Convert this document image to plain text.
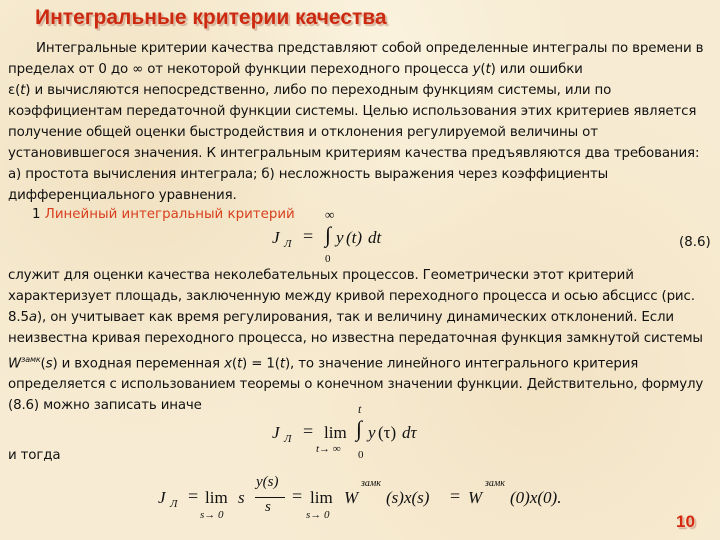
Интегральные критерии качества

Интегральные критерии качества представляют собой определенные интегралы по времени в пределах от 0 до ∞ от некоторой функции переходного процесса y(t) или ошибки
ε(t) и вычисляются непосредственно, либо по переходным функциям системы, или по коэффициентам передаточной функции системы. Целью использования этих критериев является получение общей оценки быстродействия и отклонения регулируемой величины от установившегося значения. К интегральным критериям качества предъявляются два требования: а) простота вычисления интеграла; б) несложность выражения через коэффициенты дифференциального уравнения.

1 Линейный интегральный критерий
J Л =
∞
∫
0
y (t) dt	(8.6)

служит для оценки качества неколебательных процессов. Геометрически этот критерий характеризует площадь, заключенную между кривой переходного процесса и осью абсцисс (рис. 8.5а), он учитывает как время регулирования, так и величину динамических отклонений. Если неизвестна кривая переходного процесса, но известна передаточная функция замкнутой системы $W^{замк}(s)$ и входная переменная x(t) = 1(t), то значение линейного интегрального критерия определяется с использованием теоремы о конечном значении функции. Действительно, формулу (8.6) можно записать иначе

J Л = lim
t→ ∞
t
∫
0
y (τ) dτ

и тогда

J Л = lim
s→ 0
s
y(s)
s
= lim
s→ 0
W
замк
(s)x(s) = W
замк
(0)x(0).
10
